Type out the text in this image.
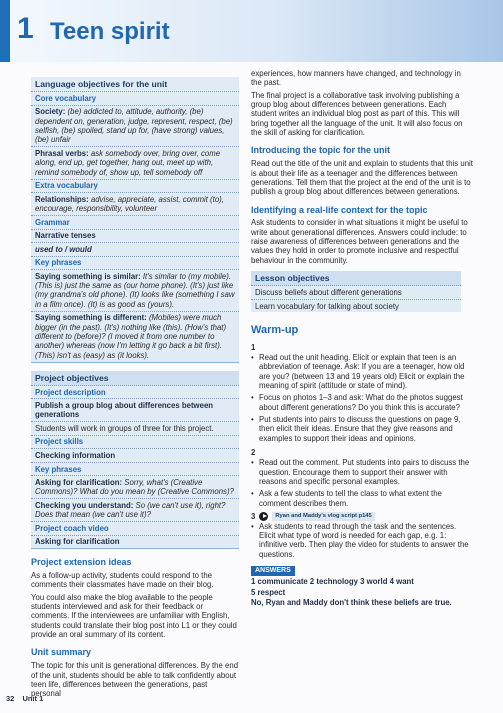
1 Teen spirit
Language objectives for the unit
Core vocabulary
Society: (be) addicted to, attitude, authority, (be) dependent on, generation, judge, represent, respect, (be) selfish, (be) spoiled, stand up for, (have strong) values, (be) unfair
Phrasal verbs: ask somebody over, bring over, come along, end up, get together, hang out, meet up with, remind somebody of, show up, tell somebody off
Extra vocabulary
Relationships: advise, appreciate, assist, commit (to), encourage, responsibility, volunteer
Grammar
Narrative tenses
used to / would
Key phrases
Saying something is similar: It's similar to (my mobile). (This is) just the same as (our home phone). (It's) just like (my grandma's old phone). (It) looks like (something I saw in a film once). (It) is as good as (yours).
Saying something is different: (Mobiles) were much bigger (in the past). (It's) nothing like (this). (How's that) different to (before)? (I moved it from one number to another) whereas (now I'm letting it go back a bit first). (This) isn't as (easy) as (it looks).
Project objectives
Project description
Publish a group blog about differences between generations
Students will work in groups of three for this project.
Project skills
Checking information
Key phrases
Asking for clarification: Sorry, what's (Creative Commons)? What do you mean by (Creative Commons)?
Checking you understand: So (we can't use it), right? Does that mean (we can't use it)?
Project coach video
Asking for clarification
Project extension ideas

As a follow-up activity, students could respond to the comments their classmates have made on their blog.

You could also make the blog available to the people students interviewed and ask for their feedback or comments. If the interviewees are unfamiliar with English, students could translate their blog post into L1 or they could provide an oral summary of its content.

Unit summary

The topic for this unit is generational differences. By the end of the unit, students should be able to talk confidently about teen life, differences between the generations, past personal

experiences, how manners have changed, and technology in the past.

The final project is a collaborative task involving publishing a group blog about differences between generations. Each student writes an individual blog post as part of this. This will bring together all the language of the unit. It will also focus on the skill of asking for clarification.

Introducing the topic for the unit

Read out the title of the unit and explain to students that this unit is about their life as a teenager and the differences between generations. Tell them that the project at the end of the unit is to publish a group blog about differences between generations.

Identifying a real-life context for the topic

Ask students to consider in what situations it might be useful to write about generational differences. Answers could include: to raise awareness of differences between generations and the values they hold in order to promote inclusive and respectful behaviour in the community.

Lesson objectives
Discuss beliefs about different generations
Learn vocabulary for talking about society
Warm-up
1
• Read out the unit heading. Elicit or explain that teen is an abbreviation of teenage. Ask: If you are a teenager, how old are you? (between 13 and 19 years old) Elicit or explain the meaning of spirit (attitude or state of mind).
• Focus on photos 1–3 and ask: What do the photos suggest about different generations? Do you think this is accurate?
• Put students into pairs to discuss the questions on page 9, then elicit their ideas. Ensure that they give reasons and examples to support their ideas and opinions.
2
• Read out the comment. Put students into pairs to discuss the question. Encourage them to support their answer with reasons and specific personal examples.
• Ask a few students to tell the class to what extent the comment describes them.
3	Ryan and Maddy's vlog script p145
• Ask students to read through the task and the sentences. Elicit what type of word is needed for each gap, e.g. 1: infinitive verb. Then play the video for students to answer the questions.
ANSWERS
1 communicate 2 technology 3 world 4 want
5 respect
No, Ryan and Maddy don't think these beliefs are true.
32 Unit 1
